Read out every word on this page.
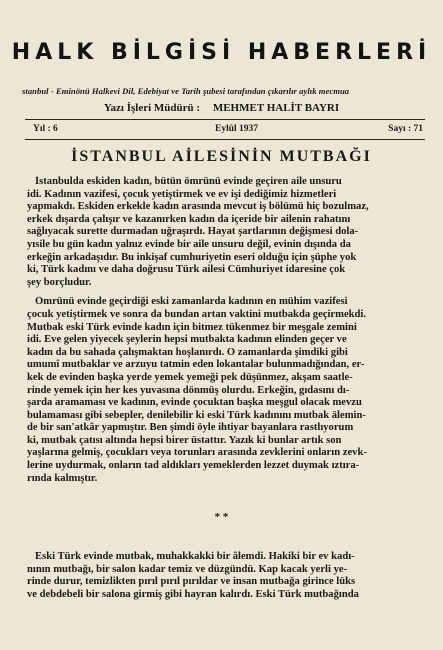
HALK BİLGİSİ HABERLERİ
stanbul - Eminönü Halkevi Dil, Edebiyat ve Tarih şubesi tarafından çıkarılır aylık mecmua
Yazı İşleri Müdürü : MEHMET HALİT BAYRI
Yıl : 6	Eylûl 1937	Sayı : 71
İSTANBUL AİLESİNİN MUTBAĞI
İstanbulda eskiden kadın, bütün ömrünü evinde geçiren aile unsuru
idi. Kadının vazifesi, çocuk yetiştirmek ve ev işi dediğimiz hizmetleri
yapmakdı. Eskiden erkekle kadın arasında mevcut iş bölümü hiç bozulmaz,
erkek dışarda çalışır ve kazanırken kadın da içeride bir ailenin rahatını
sağlıyacak surette durmadan uğraşırdı. Hayat şartlarının değişmesi dola-
yısile bu gün kadın yalnız evinde bir aile unsuru değil, evinin dışında da
erkeğin arkadaşıdır. Bu inkişaf cumhuriyetin eseri olduğu için şüphe yok
ki, Türk kadını ve daha doğrusu Türk ailesi Cümhuriyet idaresine çok
şey borçludur.
Ömrünü evinde geçirdiği eski zamanlarda kadının en mühim vazifesi
çocuk yetiştirmek ve sonra da bundan artan vaktini mutbakda geçirmekdi.
Mutbak eski Türk evinde kadın için bitmez tükenmez bir meşgale zemini
idi. Eve gelen yiyecek şeylerin hepsi mutbakta kadının elinden geçer ve
kadın da bu sahada çalışmaktan hoşlanırdı. O zamanlarda şimdiki gibi
umumî mutbaklar ve arzuyu tatmin eden lokantalar bulunmadığından, er-
kek de evinden başka yerde yemek yemeği pek düşünmez, akşam saatle-
rinde yemek için her kes yuvasına dönmüş olurdu. Erkeğin, gıdasını dı-
şarda aramaması ve kadının, evinde çocuktan başka meşgul olacak mevzu
bulamaması gibi sebepler, denilebilir ki eski Türk kadınını mutbak älemin-
de bir san'atkâr yapmıştır. Ben şimdi öyle ihtiyar bayanlara rastlıyorum
ki, mutbak çatısı altında hepsi birer üstattır. Yazık ki bunlar artık son
yaşlarına gelmiş, çocukları veya torunları arasında zevklerini onların zevk-
lerine uydurmak, onların tad aldıkları yemeklerden lezzet duymak ıztıra-
rında kalmıştır.
* *
Eski Türk evinde mutbak, muhakkakki bir âlemdi. Hakiki bir ev kadı-
nının mutbağı, bir salon kadar temiz ve düzgündü. Kap kacak yerli ye-
rinde durur, temizlikten pırıl pırıl pırıldar ve insan mutbağa girince lüks
ve debdebeli bir salona girmiş gibi hayran kalırdı. Eski Türk mutbağında
